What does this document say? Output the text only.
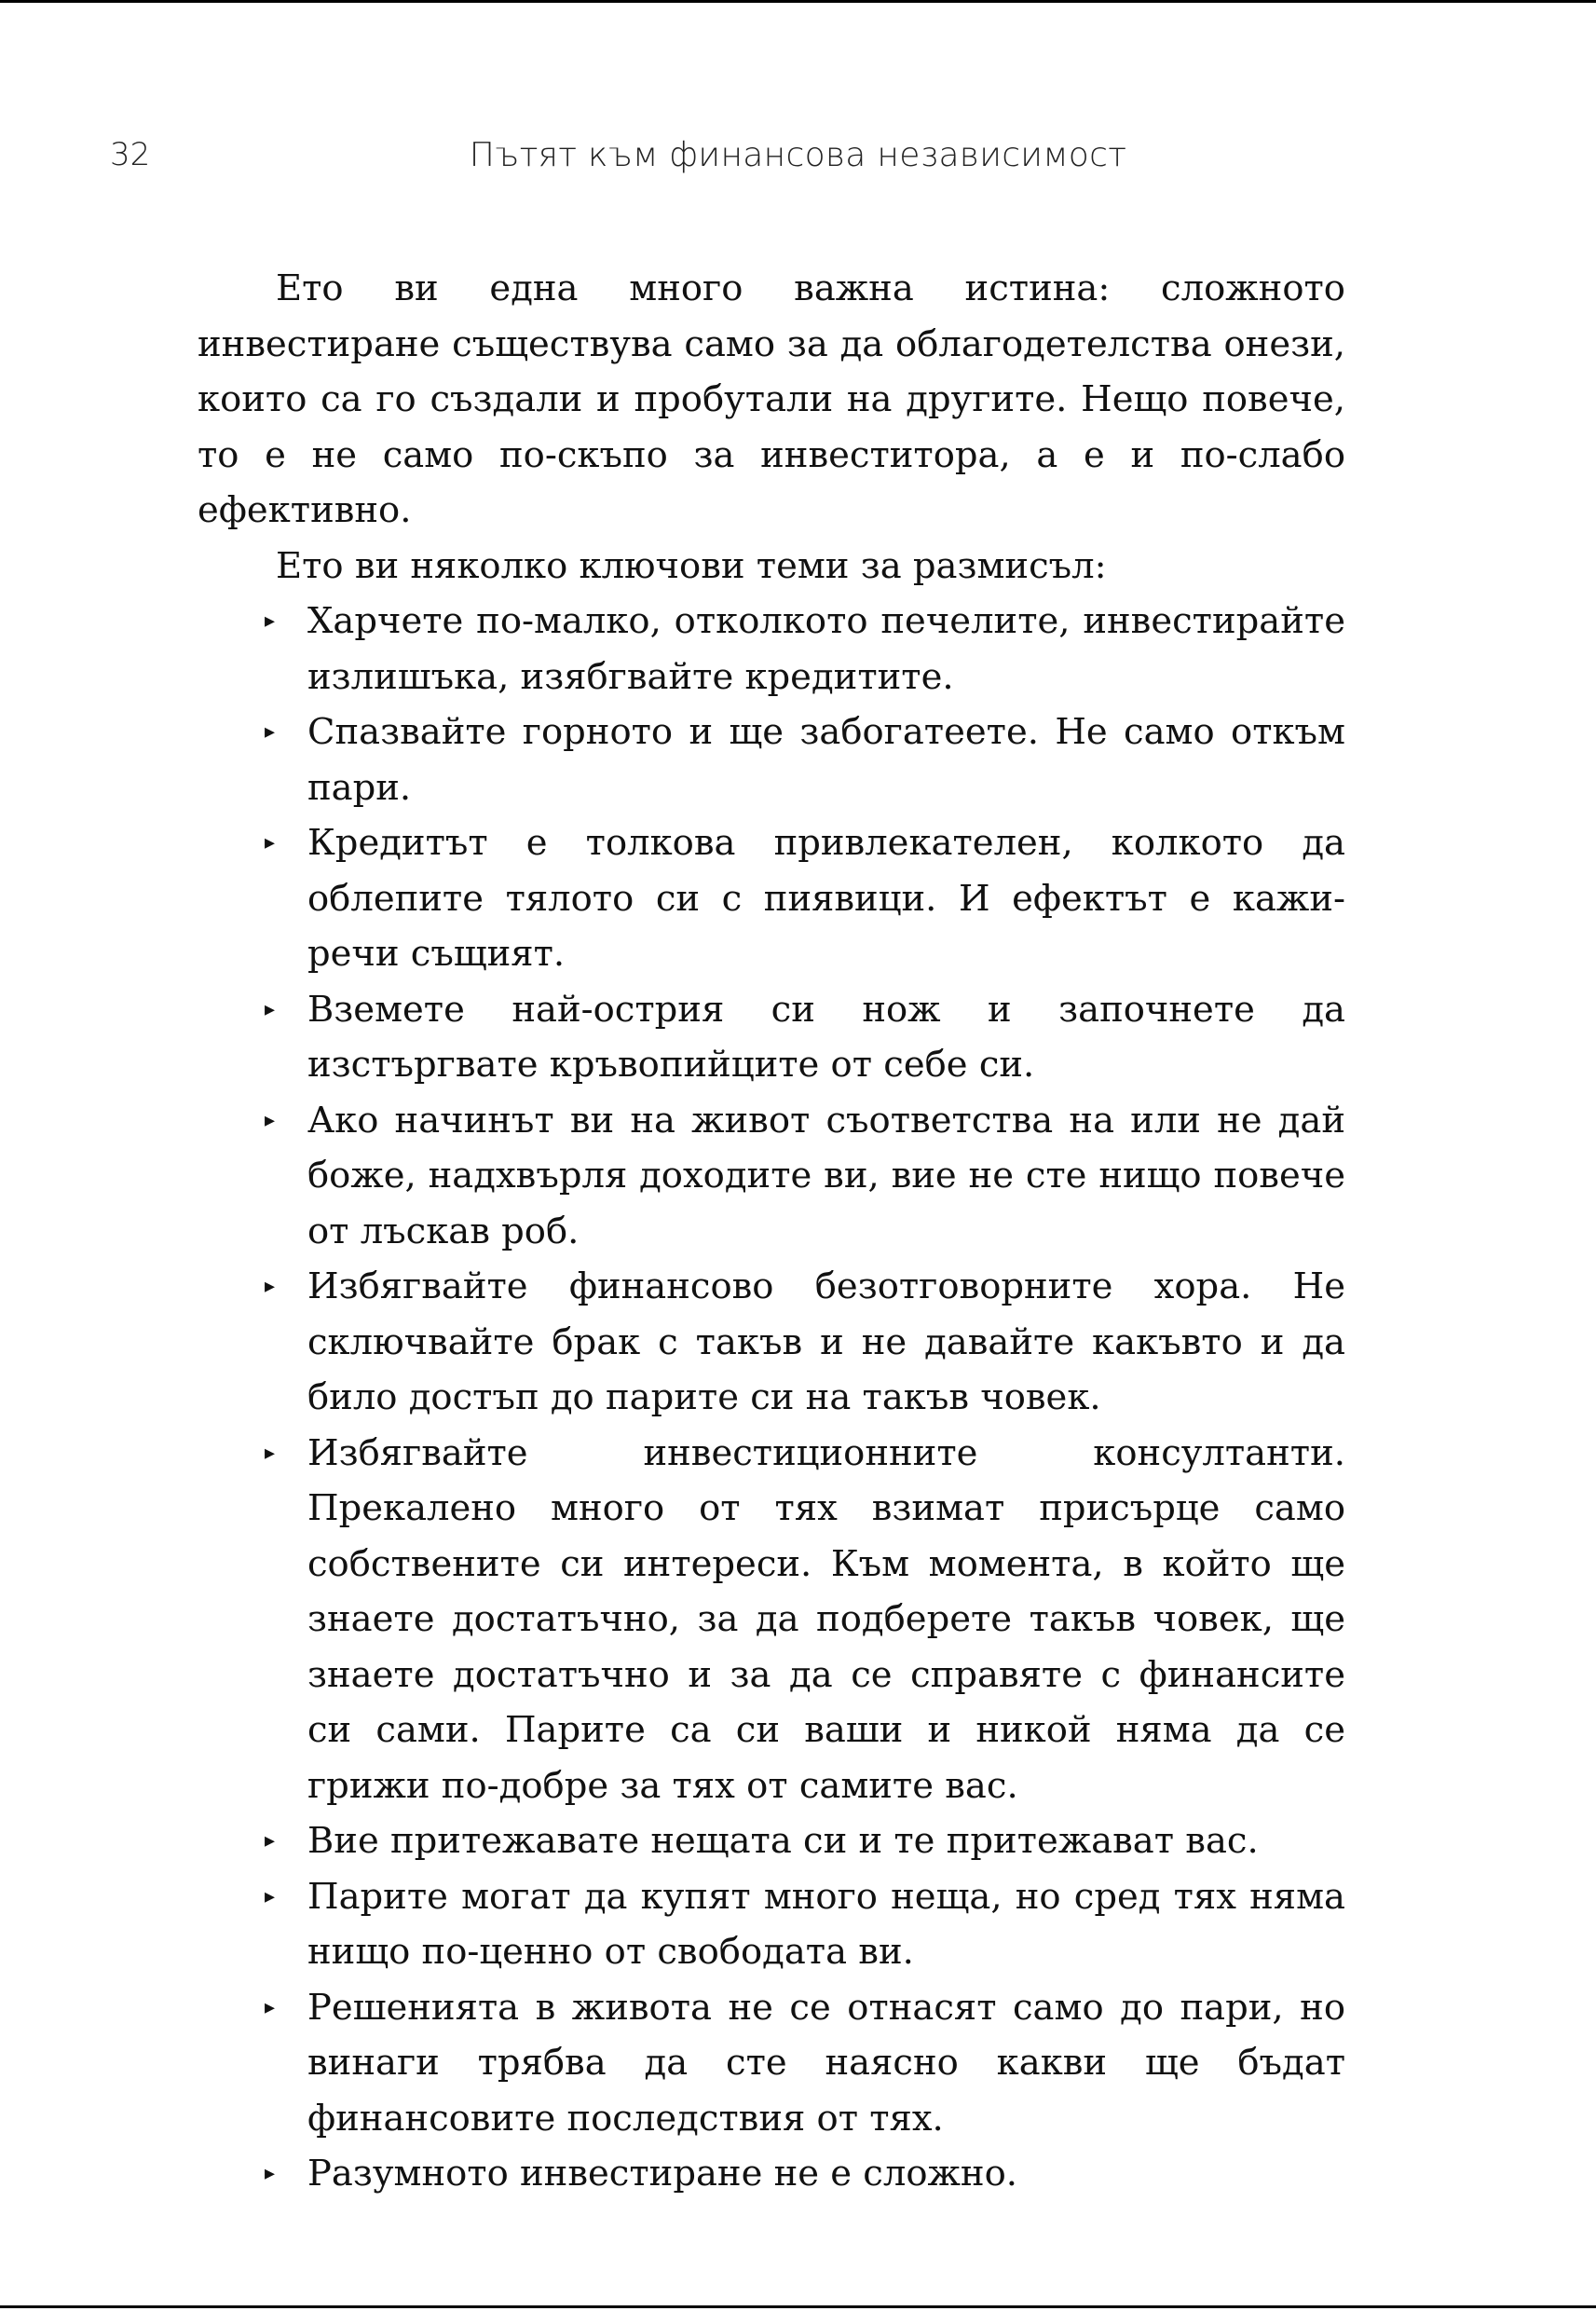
32	Пътят към финансова независимост

Ето ви една много важна истина: сложното инвестиране съществува само за да облагодетелства онези, които са го създали и пробутали на другите. Нещо повече, то е не само по-скъпо за инвеститора, а е и по-слабо ефективно.

Ето ви няколко ключови теми за размисъл:

▸ Харчете по-малко, отколкото печелите, инвестирайте излишъка, изябгвайте кредитите.
▸ Спазвайте горното и ще забогатеете. Не само откъм пари.
▸ Кредитът е толкова привлекателен, колкото да облепите тялото си с пиявици. И ефектът е кажи-речи същият.
▸ Вземете най-острия си нож и започнете да изстъргвате кръвопийците от себе си.
▸ Ако начинът ви на живот съответства на или не дай боже, надхвърля доходите ви, вие не сте нищо повече от лъскав роб.
▸ Избягвайте финансово безотговорните хора. Не сключвайте брак с такъв и не давайте какъвто и да било достъп до парите си на такъв човек.
▸ Избягвайте инвестиционните консултанти. Прекалено много от тях взимат присърце само собствените си интереси. Към момента, в който ще знаете достатъчно, за да подберете такъв човек, ще знаете достатъчно и за да се справяте с финансите си сами. Парите са си ваши и никой няма да се грижи по-добре за тях от самите вас.
▸ Вие притежавате нещата си и те притежават вас.
▸ Парите могат да купят много неща, но сред тях няма нищо по-ценно от свободата ви.
▸ Решенията в живота не се отнасят само до пари, но винаги трябва да сте наясно какви ще бъдат финансовите последствия от тях.
▸ Разумното инвестиране не е сложно.
